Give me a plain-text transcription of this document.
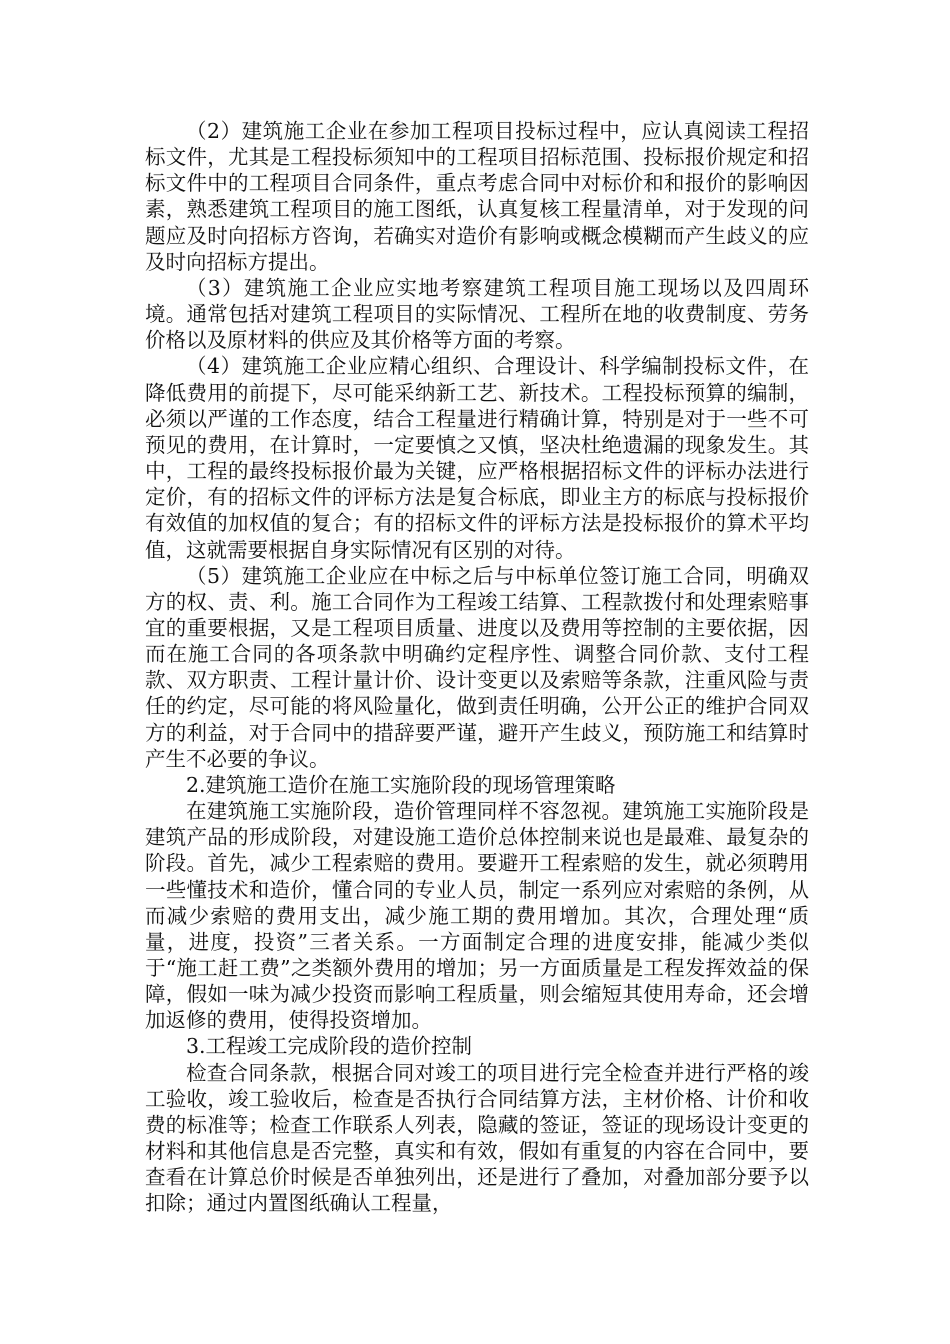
（2）建筑施工企业在参加工程项目投标过程中，应认真阅读工程招标文件，尤其是工程投标须知中的工程项目招标范围、投标报价规定和招标文件中的工程项目合同条件，重点考虑合同中对标价和和报价的影响因素，熟悉建筑工程项目的施工图纸，认真复核工程量清单，对于发现的问题应及时向招标方咨询，若确实对造价有影响或概念模糊而产生歧义的应及时向招标方提出。

（3）建筑施工企业应实地考察建筑工程项目施工现场以及四周环境。通常包括对建筑工程项目的实际情况、工程所在地的收费制度、劳务价格以及原材料的供应及其价格等方面的考察。

（4）建筑施工企业应精心组织、合理设计、科学编制投标文件，在降低费用的前提下，尽可能采纳新工艺、新技术。工程投标预算的编制，必须以严谨的工作态度，结合工程量进行精确计算，特别是对于一些不可预见的费用，在计算时，一定要慎之又慎，坚决杜绝遗漏的现象发生。其中，工程的最终投标报价最为关键，应严格根据招标文件的评标办法进行定价，有的招标文件的评标方法是复合标底，即业主方的标底与投标报价有效值的加权值的复合；有的招标文件的评标方法是投标报价的算术平均值，这就需要根据自身实际情况有区别的对待。

（5）建筑施工企业应在中标之后与中标单位签订施工合同，明确双方的权、责、利。施工合同作为工程竣工结算、工程款拨付和处理索赔事宜的重要根据，又是工程项目质量、进度以及费用等控制的主要依据，因而在施工合同的各项条款中明确约定程序性、调整合同价款、支付工程款、双方职责、工程计量计价、设计变更以及索赔等条款，注重风险与责任的约定，尽可能的将风险量化，做到责任明确，公开公正的维护合同双方的利益，对于合同中的措辞要严谨，避开产生歧义，预防施工和结算时产生不必要的争议。

2.建筑施工造价在施工实施阶段的现场管理策略

在建筑施工实施阶段，造价管理同样不容忽视。建筑施工实施阶段是建筑产品的形成阶段，对建设施工造价总体控制来说也是最难、最复杂的阶段。首先，减少工程索赔的费用。要避开工程索赔的发生，就必须聘用一些懂技术和造价，懂合同的专业人员，制定一系列应对索赔的条例，从而减少索赔的费用支出，减少施工期的费用增加。其次，合理处理“质量，进度，投资”三者关系。一方面制定合理的进度安排，能减少类似于“施工赶工费”之类额外费用的增加；另一方面质量是工程发挥效益的保障，假如一味为减少投资而影响工程质量，则会缩短其使用寿命，还会增加返修的费用，使得投资增加。

3.工程竣工完成阶段的造价控制

检查合同条款，根据合同对竣工的项目进行完全检查并进行严格的竣工验收，竣工验收后，检查是否执行合同结算方法，主材价格、计价和收费的标准等；检查工作联系人列表，隐藏的签证，签证的现场设计变更的材料和其他信息是否完整，真实和有效，假如有重复的内容在合同中，要查看在计算总价时候是否单独列出，还是进行了叠加，对叠加部分要予以扣除；通过内置图纸确认工程量，
